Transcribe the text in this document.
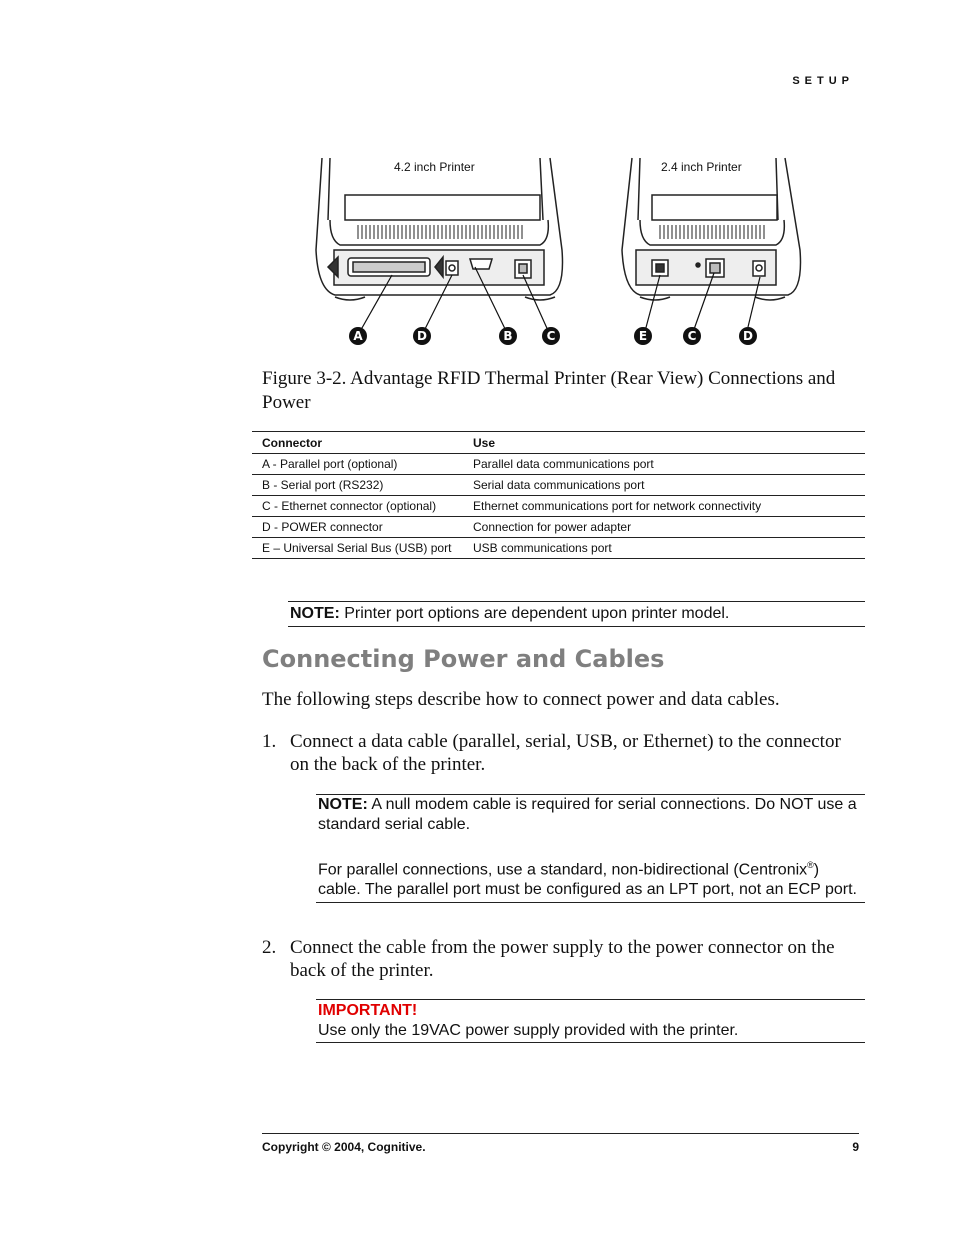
SETUP
4.2 inch Printer	2.4 inch Printer
A	D	B	C	E	C	D
Figure 3-2. Advantage RFID Thermal Printer (Rear View) Connections and Power
Connector	Use
A - Parallel port (optional)	Parallel data communications port
B - Serial port (RS232)	Serial data communications port
C - Ethernet connector (optional)	Ethernet communications port for network connectivity
D - POWER connector	Connection for power adapter
E – Universal Serial Bus (USB) port	USB communications port
NOTE: Printer port options are dependent upon printer model.
Connecting Power and Cables
The following steps describe how to connect power and data cables.
1. Connect a data cable (parallel, serial, USB, or Ethernet) to the connector on the back of the printer.
NOTE: A null modem cable is required for serial connections. Do NOT use a standard serial cable.
For parallel connections, use a standard, non-bidirectional (Centronix®) cable. The parallel port must be configured as an LPT port, not an ECP port.
2. Connect the cable from the power supply to the power connector on the back of the printer.
IMPORTANT!
Use only the 19VAC power supply provided with the printer.
Copyright © 2004, Cognitive.	9
